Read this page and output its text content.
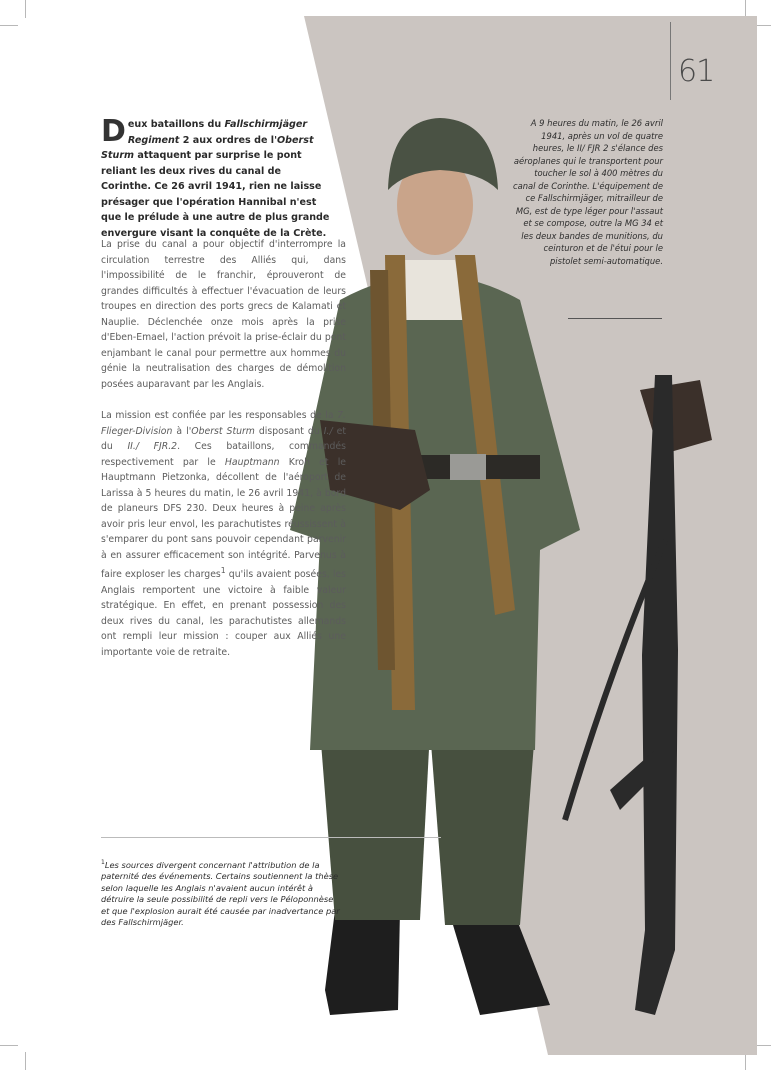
61

Deux bataillons du Fallschirmjäger Regiment 2 aux ordres de l'Oberst Sturm attaquent par surprise le pont reliant les deux rives du canal de Corinthe. Ce 26 avril 1941, rien ne laisse présager que l'opération Hannibal n'est que le prélude à une autre de plus grande envergure visant la conquête de la Crète.

La prise du canal a pour objectif d'interrompre la circulation terrestre des Alliés qui, dans l'impossibilité de le franchir, éprouveront de grandes difficultés à effectuer l'évacuation de leurs troupes en direction des ports grecs de Kalamati et Nauplie. Déclenchée onze mois après la prise d'Eben-Emael, l'action prévoit la prise-éclair du pont enjambant le canal pour permettre aux hommes du génie la neutralisation des charges de démolition posées auparavant par les Anglais.

La mission est confiée par les responsables de la 7. Flieger-Division à l'Oberst Sturm disposant du I./ et du II./ FJR.2. Ces bataillons, commandés respectivement par le Hauptmann Kroh et le Hauptmann Pietzonka, décollent de l'aéroport de Larissa à 5 heures du matin, le 26 avril 1941, à bord de planeurs DFS 230. Deux heures à peine après avoir pris leur envol, les parachutistes réussissent à s'emparer du pont sans pouvoir cependant parvenir à en assurer efficacement son intégrité. Parvenus à faire exploser les charges$^1$ qu'ils avaient posées, les Anglais remportent une victoire à faible valeur stratégique. En effet, en prenant possession des deux rives du canal, les parachutistes allemands ont rempli leur mission : couper aux Alliés une importante voie de retraite.

A 9 heures du matin, le 26 avril 1941, après un vol de quatre heures, le II/ FJR 2 s'élance des aéroplanes qui le transportent pour toucher le sol à 400 mètres du canal de Corinthe. L'équipement de ce Fallschirmjäger, mitrailleur de MG, est de type léger pour l'assaut et se compose, outre la MG 34 et les deux bandes de munitions, du ceinturon et de l'étui pour le pistolet semi-automatique.

$^1$Les sources divergent concernant l'attribution de la paternité des événements. Certains soutiennent la thèse selon laquelle les Anglais n'avaient aucun intérêt à détruire la seule possibilité de repli vers le Péloponnèse et que l'explosion aurait été causée par inadvertance par des Fallschirmjäger.
